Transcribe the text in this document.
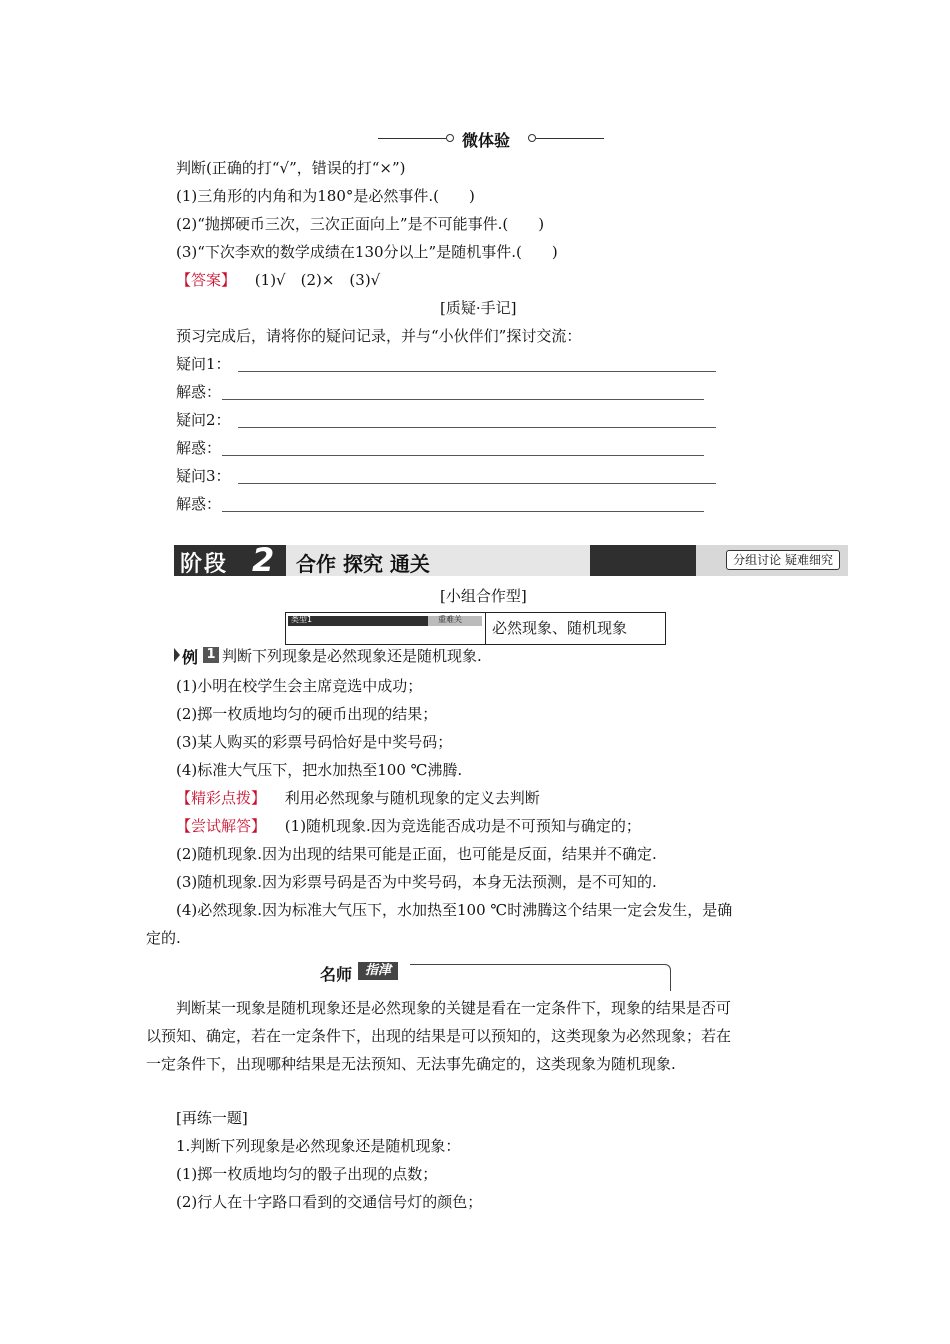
微体验
判断(正确的打“√”，错误的打“×”)
(1)三角形的内角和为180°是必然事件.(　　)
(2)“抛掷硬币三次，三次正面向上”是不可能事件.(　　)
(3)“下次李欢的数学成绩在130分以上”是随机事件.(　　)
【答案】 (1)√　(2)×　(3)√
[质疑·手记]
预习完成后，请将你的疑问记录，并与“小伙伴们”探讨交流：
疑问1：
解惑：
疑问2：
解惑：
疑问3：
解惑：
阶段 2 合作 探究 通关	分组讨论 疑难细究
[小组合作型]
类型1	重难关 必然现象、随机现象
例 1 判断下列现象是必然现象还是随机现象.
(1)小明在校学生会主席竞选中成功；
(2)掷一枚质地均匀的硬币出现的结果；
(3)某人购买的彩票号码恰好是中奖号码；
(4)标准大气压下，把水加热至100 ℃沸腾.
【精彩点拨】 利用必然现象与随机现象的定义去判断
【尝试解答】 (1)随机现象.因为竞选能否成功是不可预知与确定的；
(2)随机现象.因为出现的结果可能是正面，也可能是反面，结果并不确定.
(3)随机现象.因为彩票号码是否为中奖号码，本身无法预测，是不可知的.
(4)必然现象.因为标准大气压下，水加热至100 ℃时沸腾这个结果一定会发生，是确
定的.
名师 指津
判断某一现象是随机现象还是必然现象的关键是看在一定条件下，现象的结果是否可
以预知、确定，若在一定条件下，出现的结果是可以预知的，这类现象为必然现象；若在
一定条件下，出现哪种结果是无法预知、无法事先确定的，这类现象为随机现象.
[再练一题]
1.判断下列现象是必然现象还是随机现象：
(1)掷一枚质地均匀的骰子出现的点数；
(2)行人在十字路口看到的交通信号灯的颜色；
